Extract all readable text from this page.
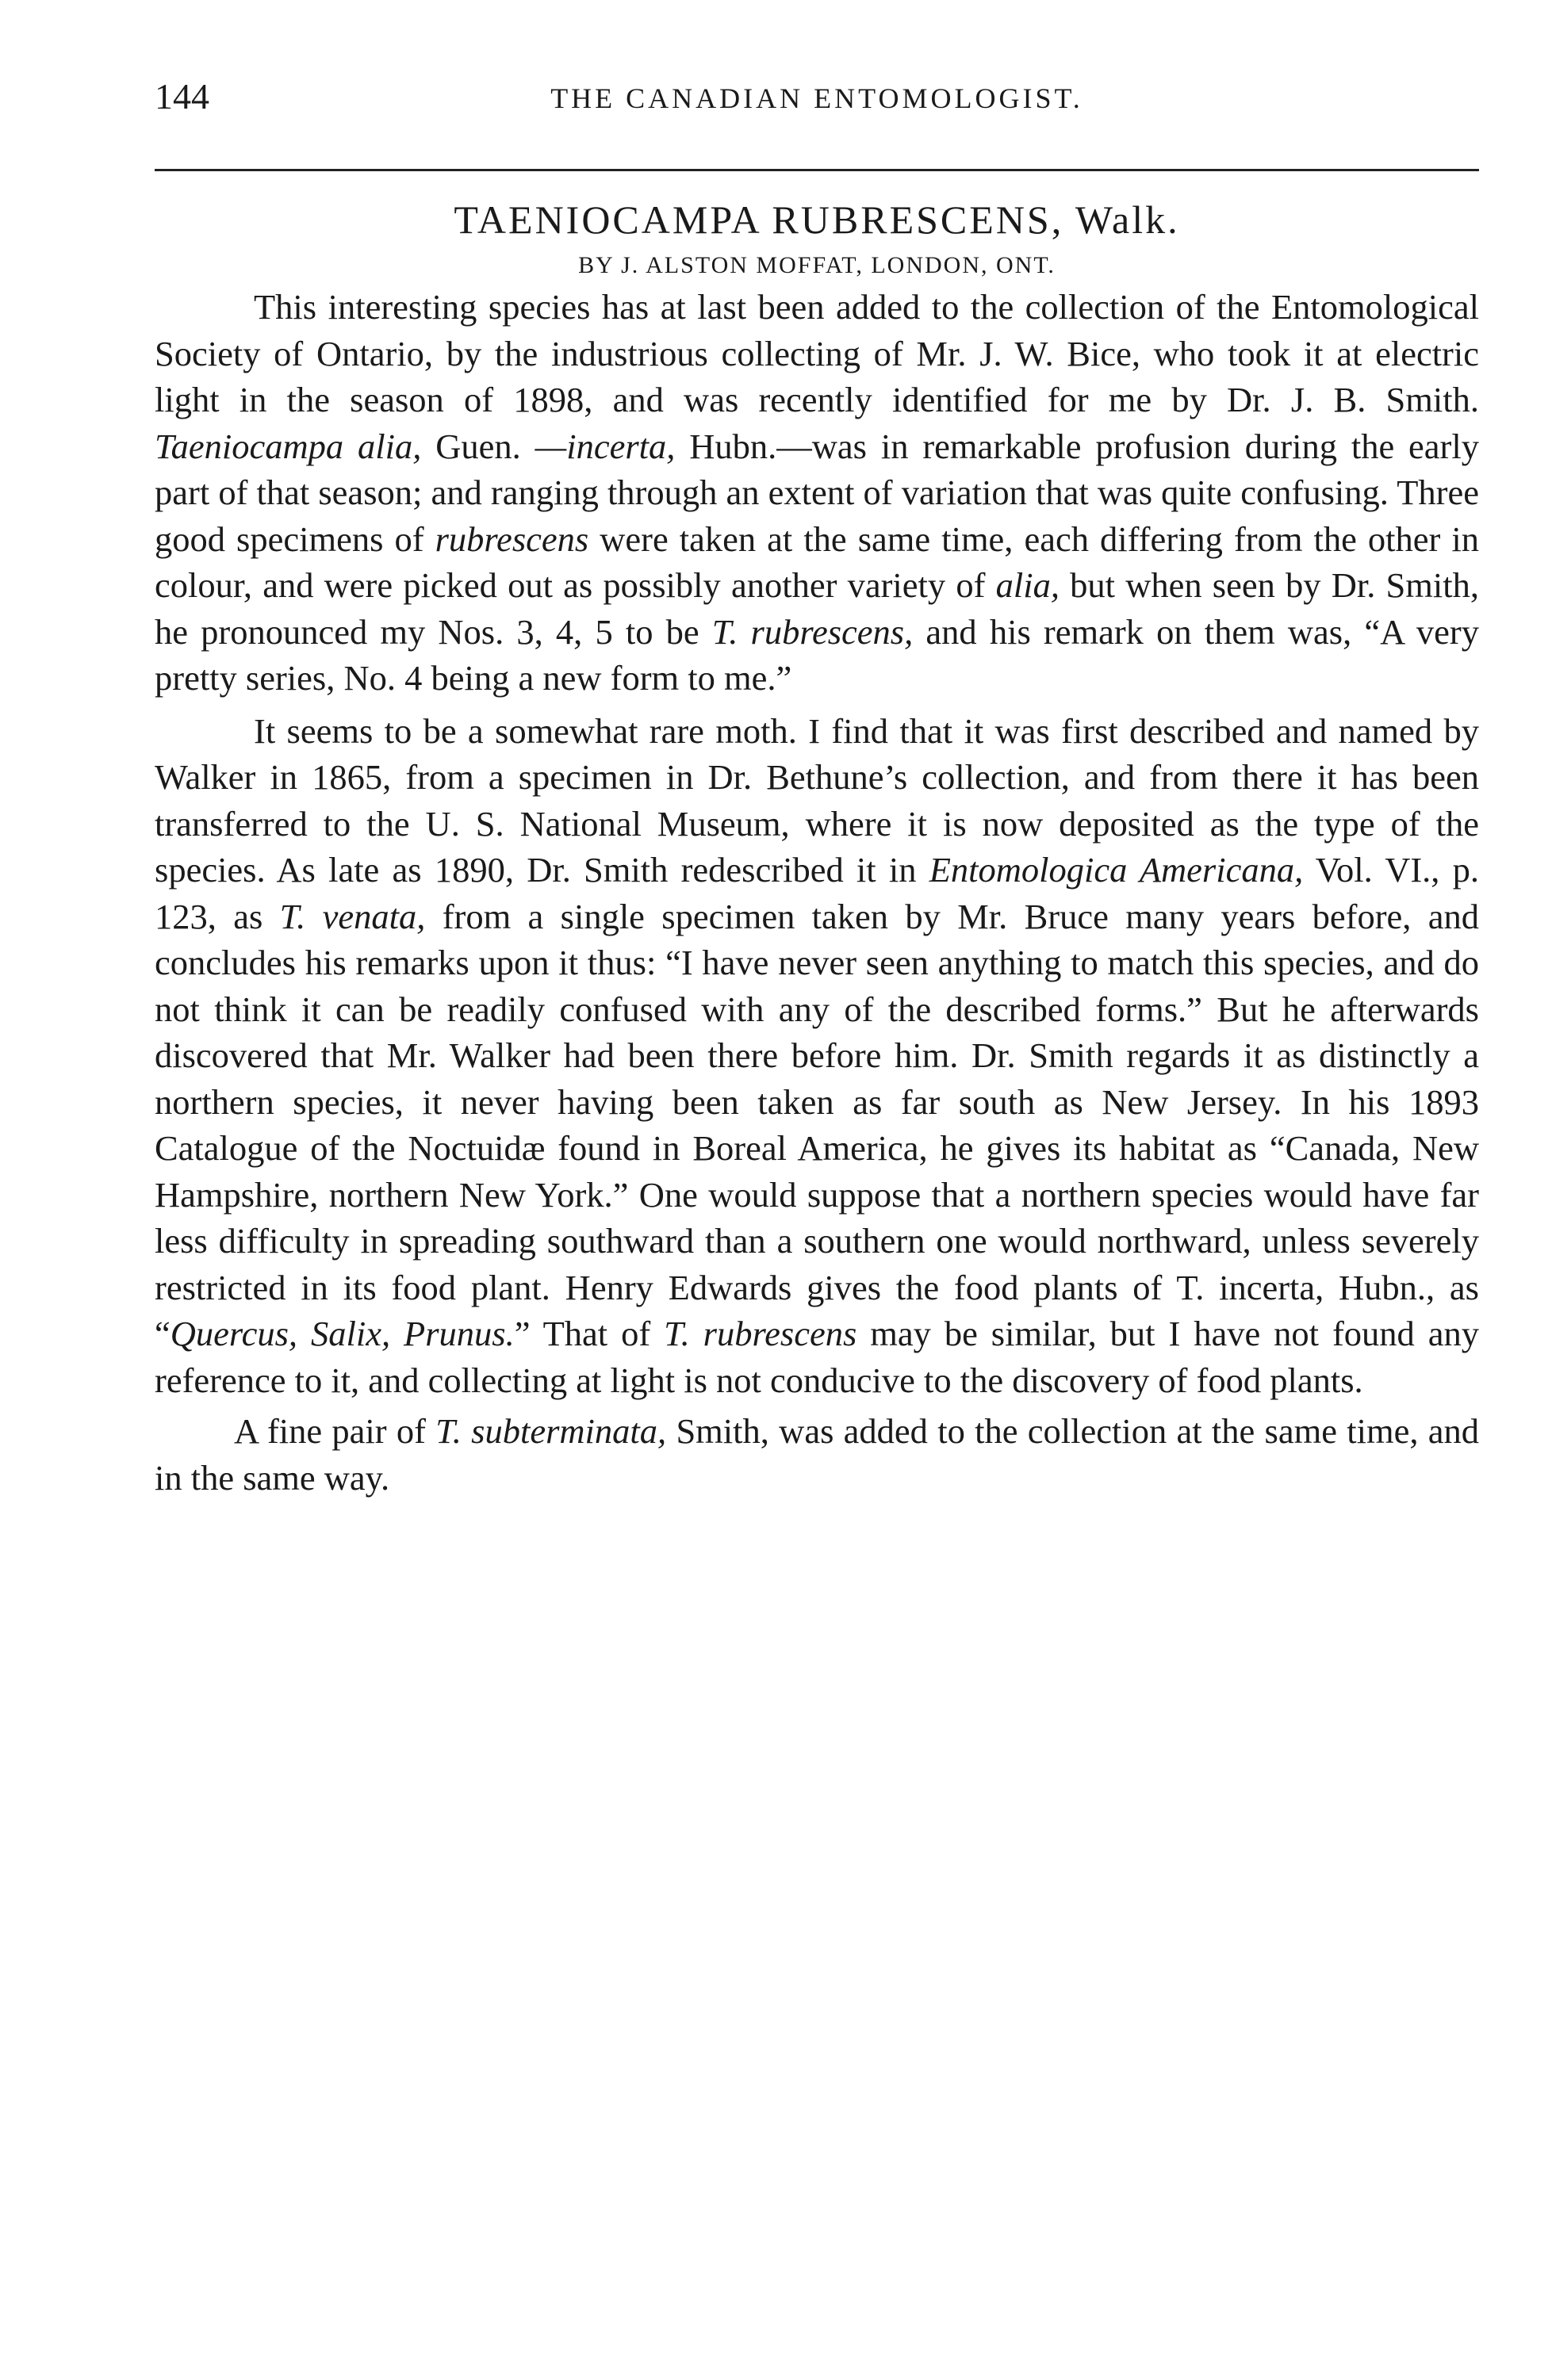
144	THE CANADIAN ENTOMOLOGIST.
TAENIOCAMPA RUBRESCENS, Walk.
BY J. ALSTON MOFFAT, LONDON, ONT.

This interesting species has at last been added to the collection of the Entomological Society of Ontario, by the industrious collecting of Mr. J. W. Bice, who took it at electric light in the season of 1898, and was recently identified for me by Dr. J. B. Smith. Taeniocampa alia, Guen. —incerta, Hubn.—was in remarkable profusion during the early part of that season; and ranging through an extent of variation that was quite confusing. Three good specimens of rubrescens were taken at the same time, each differing from the other in colour, and were picked out as possibly another variety of alia, but when seen by Dr. Smith, he pronounced my Nos. 3, 4, 5 to be T. rubrescens, and his remark on them was, “A very pretty series, No. 4 being a new form to me.”

It seems to be a somewhat rare moth. I find that it was first described and named by Walker in 1865, from a specimen in Dr. Bethune’s collection, and from there it has been transferred to the U. S. National Museum, where it is now deposited as the type of the species. As late as 1890, Dr. Smith redescribed it in Entomologica Americana, Vol. VI., p. 123, as T. venata, from a single specimen taken by Mr. Bruce many years before, and concludes his remarks upon it thus: “I have never seen anything to match this species, and do not think it can be readily confused with any of the described forms.” But he afterwards discovered that Mr. Walker had been there before him. Dr. Smith regards it as distinctly a northern species, it never having been taken as far south as New Jersey. In his 1893 Catalogue of the Noctuidæ found in Boreal America, he gives its habitat as “Canada, New Hampshire, northern New York.” One would suppose that a northern species would have far less difficulty in spreading southward than a southern one would northward, unless severely restricted in its food plant. Henry Edwards gives the food plants of T. incerta, Hubn., as “Quercus, Salix, Prunus.” That of T. rubrescens may be similar, but I have not found any reference to it, and collecting at light is not conducive to the discovery of food plants.

A fine pair of T. subterminata, Smith, was added to the collection at the same time, and in the same way.
